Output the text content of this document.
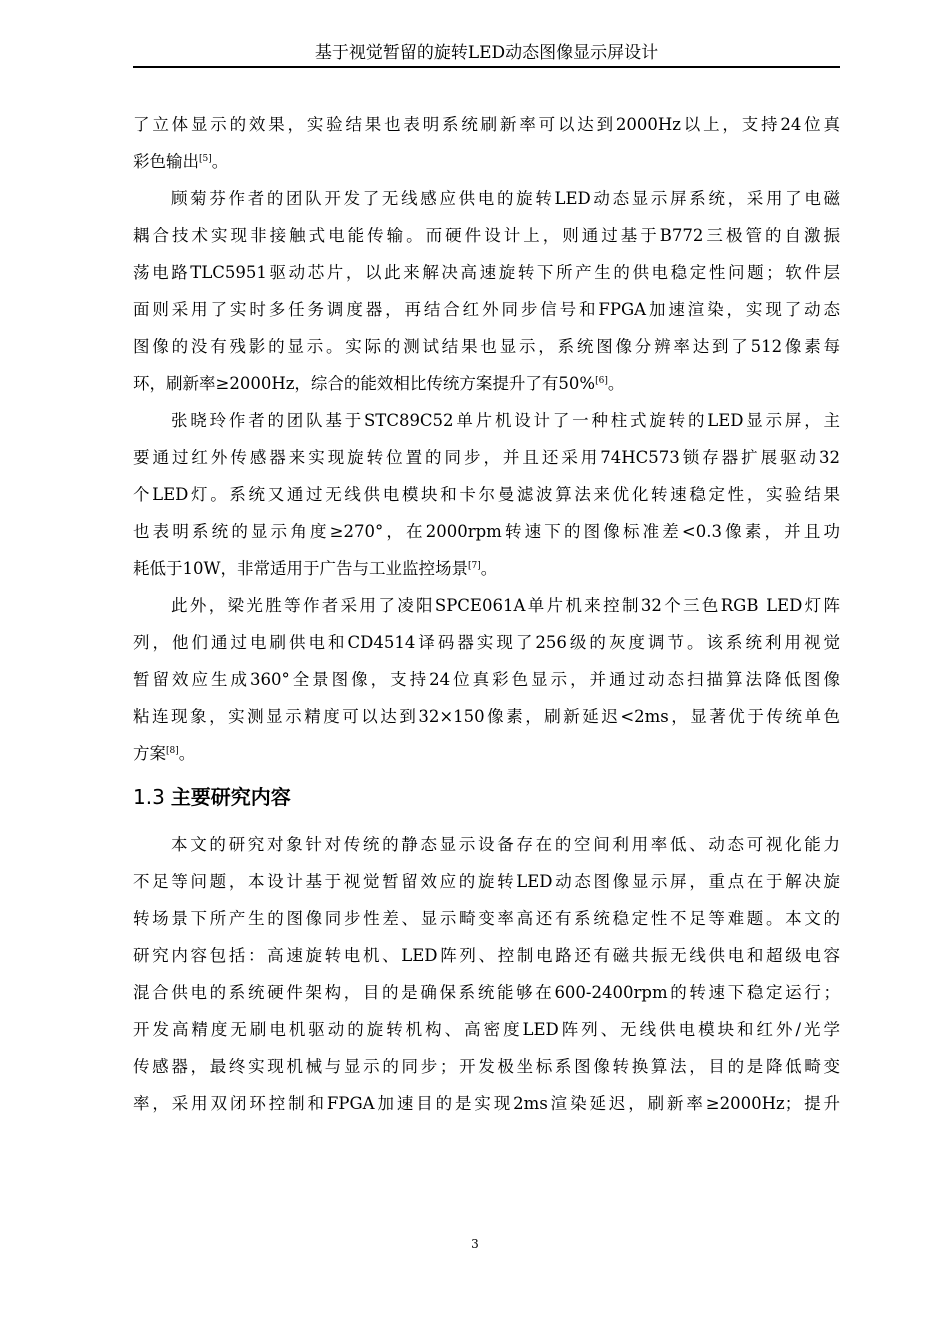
基于视觉暂留的旋转LED动态图像显示屏设计
了立体显示的效果，实验结果也表明系统刷新率可以达到2000Hz以上，支持24位真
彩色输出[5]。
顾菊芬作者的团队开发了无线感应供电的旋转LED动态显示屏系统，采用了电磁
耦合技术实现非接触式电能传输。而硬件设计上，则通过基于B772三极管的自激振
荡电路TLC5951驱动芯片，以此来解决高速旋转下所产生的供电稳定性问题；软件层
面则采用了实时多任务调度器，再结合红外同步信号和FPGA加速渲染，实现了动态
图像的没有残影的显示。实际的测试结果也显示，系统图像分辨率达到了512像素每
环，刷新率≥2000Hz，综合的能效相比传统方案提升了有50%[6]。
张晓玲作者的团队基于STC89C52单片机设计了一种柱式旋转的LED显示屏，主
要通过红外传感器来实现旋转位置的同步，并且还采用74HC573锁存器扩展驱动32
个LED灯。系统又通过无线供电模块和卡尔曼滤波算法来优化转速稳定性，实验结果
也表明系统的显示角度≥270°，在2000rpm转速下的图像标准差<0.3像素，并且功
耗低于10W，非常适用于广告与工业监控场景[7]。
此外，梁光胜等作者采用了凌阳SPCE061A单片机来控制32个三色RGB LED灯阵
列，他们通过电刷供电和CD4514译码器实现了256级的灰度调节。该系统利用视觉
暂留效应生成360°全景图像，支持24位真彩色显示，并通过动态扫描算法降低图像
粘连现象，实测显示精度可以达到32×150像素，刷新延迟<2ms，显著优于传统单色
方案[8]。
1.3 主要研究内容
本文的研究对象针对传统的静态显示设备存在的空间利用率低、动态可视化能力
不足等问题，本设计基于视觉暂留效应的旋转LED动态图像显示屏，重点在于解决旋
转场景下所产生的图像同步性差、显示畸变率高还有系统稳定性不足等难题。本文的
研究内容包括：高速旋转电机、LED阵列、控制电路还有磁共振无线供电和超级电容
混合供电的系统硬件架构，目的是确保系统能够在600-2400rpm的转速下稳定运行；
开发高精度无刷电机驱动的旋转机构、高密度LED阵列、无线供电模块和红外/光学
传感器，最终实现机械与显示的同步；开发极坐标系图像转换算法，目的是降低畸变
率，采用双闭环控制和FPGA加速目的是实现2ms渲染延迟，刷新率≥2000Hz；提升
3
